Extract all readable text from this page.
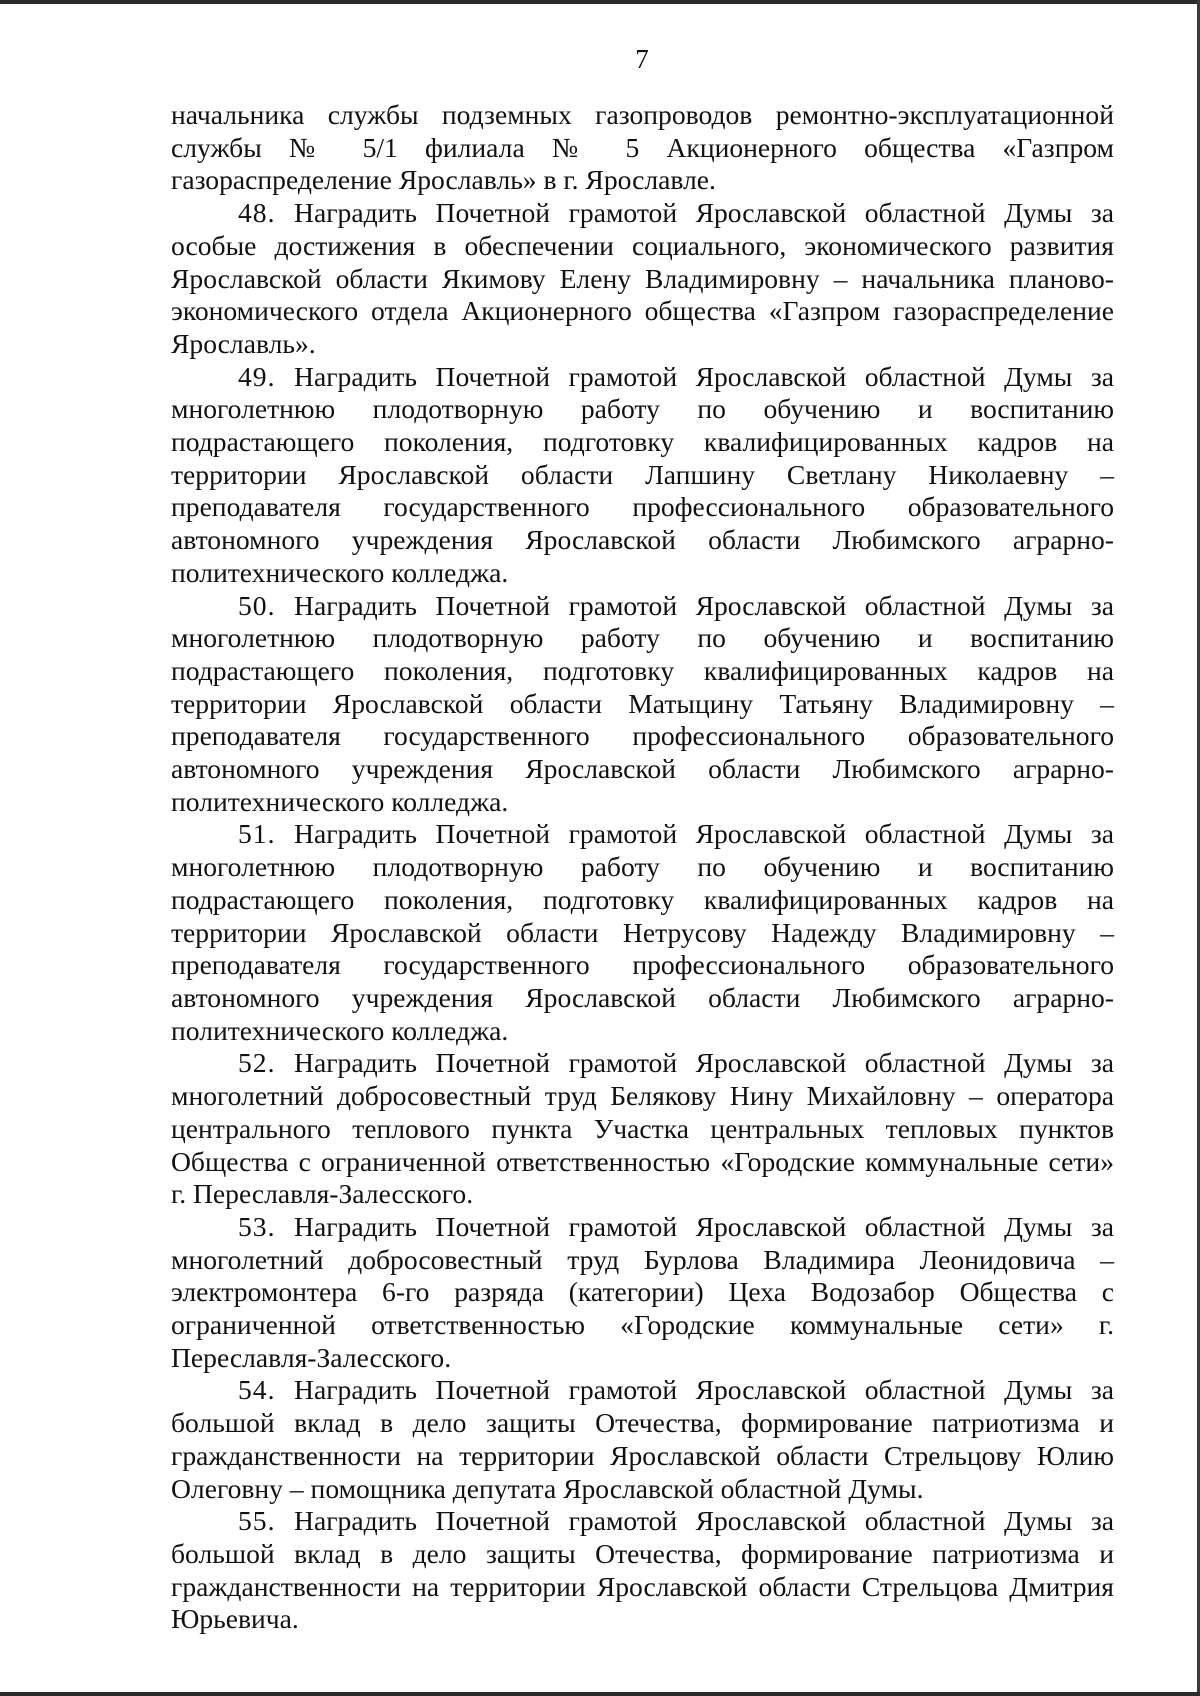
7

начальника службы подземных газопроводов ремонтно-эксплуатационной службы № 5/1 филиала № 5 Акционерного общества «Газпром газораспределение Ярославль» в г. Ярославле.

48. Наградить Почетной грамотой Ярославской областной Думы за особые достижения в обеспечении социального, экономического развития Ярославской области Якимову Елену Владимировну – начальника планово-экономического отдела Акционерного общества «Газпром газораспределение Ярославль».

49. Наградить Почетной грамотой Ярославской областной Думы за многолетнюю плодотворную работу по обучению и воспитанию подрастающего поколения, подготовку квалифицированных кадров на территории Ярославской области Лапшину Светлану Николаевну – преподавателя государственного профессионального образовательного автономного учреждения Ярославской области Любимского аграрно-политехнического колледжа.

50. Наградить Почетной грамотой Ярославской областной Думы за многолетнюю плодотворную работу по обучению и воспитанию подрастающего поколения, подготовку квалифицированных кадров на территории Ярославской области Матыцину Татьяну Владимировну – преподавателя государственного профессионального образовательного автономного учреждения Ярославской области Любимского аграрно-политехнического колледжа.

51. Наградить Почетной грамотой Ярославской областной Думы за многолетнюю плодотворную работу по обучению и воспитанию подрастающего поколения, подготовку квалифицированных кадров на территории Ярославской области Нетрусову Надежду Владимировну – преподавателя государственного профессионального образовательного автономного учреждения Ярославской области Любимского аграрно-политехнического колледжа.

52. Наградить Почетной грамотой Ярославской областной Думы за многолетний добросовестный труд Белякову Нину Михайловну – оператора центрального теплового пункта Участка центральных тепловых пунктов Общества с ограниченной ответственностью «Городские коммунальные сети» г. Переславля-Залесского.

53. Наградить Почетной грамотой Ярославской областной Думы за многолетний добросовестный труд Бурлова Владимира Леонидовича – электромонтера 6-го разряда (категории) Цеха Водозабор Общества с ограниченной ответственностью «Городские коммунальные сети» г. Переславля-Залесского.

54. Наградить Почетной грамотой Ярославской областной Думы за большой вклад в дело защиты Отечества, формирование патриотизма и гражданственности на территории Ярославской области Стрельцову Юлию Олеговну – помощника депутата Ярославской областной Думы.

55. Наградить Почетной грамотой Ярославской областной Думы за большой вклад в дело защиты Отечества, формирование патриотизма и гражданственности на территории Ярославской области Стрельцова Дмитрия Юрьевича.
